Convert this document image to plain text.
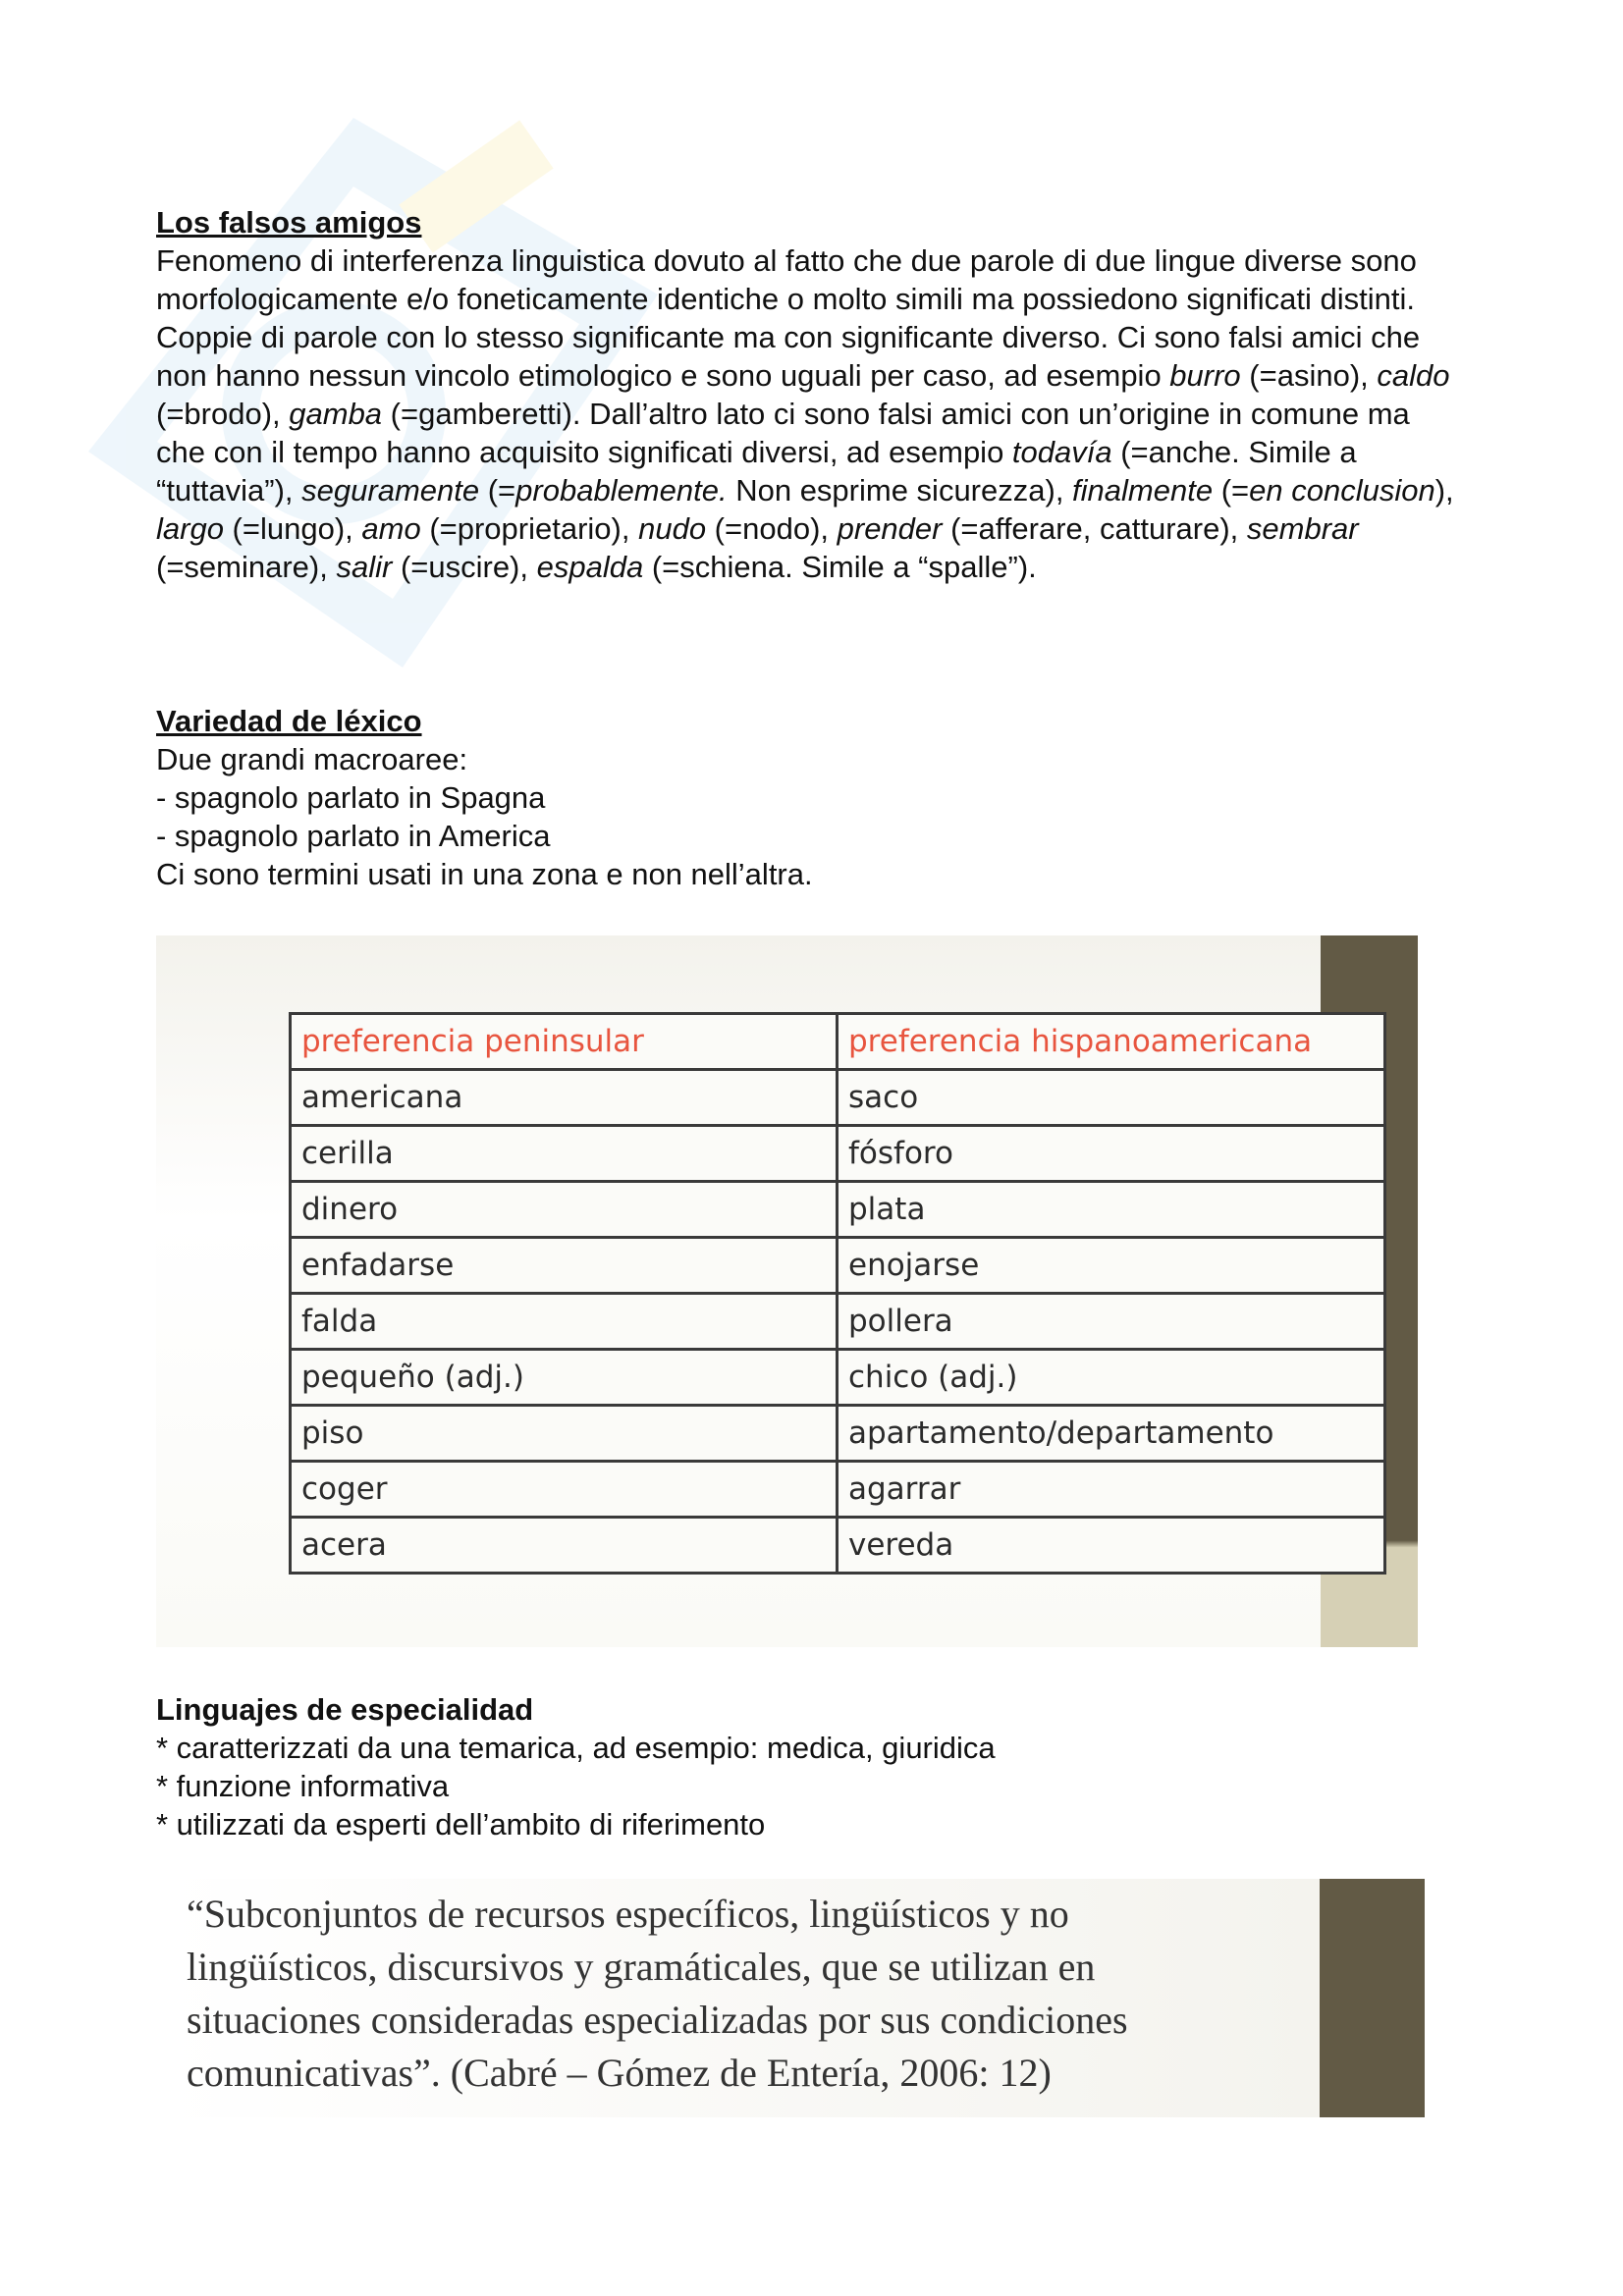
Los falsos amigos

Fenomeno di interferenza linguistica dovuto al fatto che due parole di due lingue diverse sono morfologicamente e/o foneticamente identiche o molto simili ma possiedono significati distinti. Coppie di parole con lo stesso significante ma con significante diverso. Ci sono falsi amici che non hanno nessun vincolo etimologico e sono uguali per caso, ad esempio burro (=asino), caldo (=brodo), gamba (=gamberetti). Dall’altro lato ci sono falsi amici con un’origine in comune ma che con il tempo hanno acquisito significati diversi, ad esempio todavía (=anche. Simile a “tuttavia”), seguramente (=probablemente. Non esprime sicurezza), finalmente (=en conclusion), largo (=lungo), amo (=proprietario), nudo (=nodo), prender (=afferare, catturare), sembrar (=seminare), salir (=uscire), espalda (=schiena. Simile a “spalle”).

Variedad de léxico
Due grandi macroaree:
- spagnolo parlato in Spagna
- spagnolo parlato in America
Ci sono termini usati in una zona e non nell’altra.
preferencia peninsular	preferencia hispanoamericana
americana	saco
cerilla	fósforo
dinero	plata
enfadarse	enojarse
falda	pollera
pequeño (adj.)	chico (adj.)
piso	apartamento/departamento
coger	agarrar
acera	vereda
Linguajes de especialidad
* caratterizzati da una temarica, ad esempio: medica, giuridica
* funzione informativa
* utilizzati da esperti dell’ambito di riferimento
“Subconjuntos de recursos específicos, lingüísticos y no
lingüísticos, discursivos y gramáticales, que se utilizan en
situaciones consideradas especializadas por sus condiciones
comunicativas”. (Cabré – Gómez de Entería, 2006: 12)
